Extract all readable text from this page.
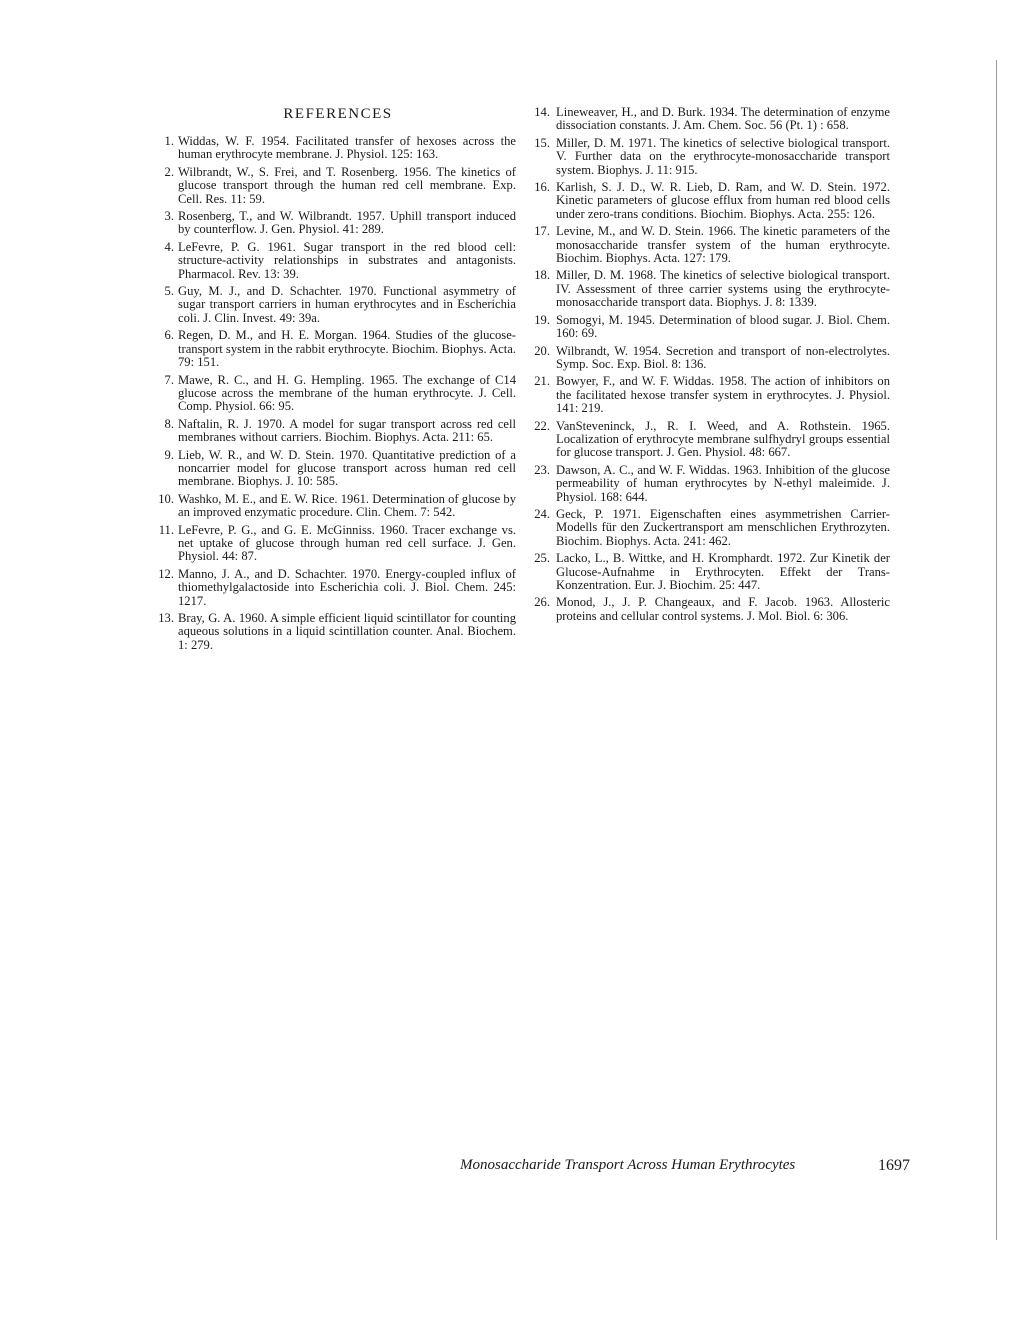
REFERENCES
1. Widdas, W. F. 1954. Facilitated transfer of hexoses across the human erythrocyte membrane. J. Physiol. 125: 163.
2. Wilbrandt, W., S. Frei, and T. Rosenberg. 1956. The kinetics of glucose transport through the human red cell membrane. Exp. Cell. Res. 11: 59.
3. Rosenberg, T., and W. Wilbrandt. 1957. Uphill transport induced by counterflow. J. Gen. Physiol. 41: 289.
4. LeFevre, P. G. 1961. Sugar transport in the red blood cell: structure-activity relationships in substrates and antagonists. Pharmacol. Rev. 13: 39.
5. Guy, M. J., and D. Schachter. 1970. Functional asymmetry of sugar transport carriers in human erythrocytes and in Escherichia coli. J. Clin. Invest. 49: 39a.
6. Regen, D. M., and H. E. Morgan. 1964. Studies of the glucose-transport system in the rabbit erythrocyte. Biochim. Biophys. Acta. 79: 151.
7. Mawe, R. C., and H. G. Hempling. 1965. The exchange of C14 glucose across the membrane of the human erythrocyte. J. Cell. Comp. Physiol. 66: 95.
8. Naftalin, R. J. 1970. A model for sugar transport across red cell membranes without carriers. Biochim. Biophys. Acta. 211: 65.
9. Lieb, W. R., and W. D. Stein. 1970. Quantitative prediction of a noncarrier model for glucose transport across human red cell membrane. Biophys. J. 10: 585.
10. Washko, M. E., and E. W. Rice. 1961. Determination of glucose by an improved enzymatic procedure. Clin. Chem. 7: 542.
11. LeFevre, P. G., and G. E. McGinniss. 1960. Tracer exchange vs. net uptake of glucose through human red cell surface. J. Gen. Physiol. 44: 87.
12. Manno, J. A., and D. Schachter. 1970. Energy-coupled influx of thiomethylgalactoside into Escherichia coli. J. Biol. Chem. 245: 1217.
13. Bray, G. A. 1960. A simple efficient liquid scintillator for counting aqueous solutions in a liquid scintillation counter. Anal. Biochem. 1: 279.
14. Lineweaver, H., and D. Burk. 1934. The determination of enzyme dissociation constants. J. Am. Chem. Soc. 56 (Pt. 1) : 658.
15. Miller, D. M. 1971. The kinetics of selective biological transport. V. Further data on the erythrocyte-monosaccharide transport system. Biophys. J. 11: 915.
16. Karlish, S. J. D., W. R. Lieb, D. Ram, and W. D. Stein. 1972. Kinetic parameters of glucose efflux from human red blood cells under zero-trans conditions. Biochim. Biophys. Acta. 255: 126.
17. Levine, M., and W. D. Stein. 1966. The kinetic parameters of the monosaccharide transfer system of the human erythrocyte. Biochim. Biophys. Acta. 127: 179.
18. Miller, D. M. 1968. The kinetics of selective biological transport. IV. Assessment of three carrier systems using the erythrocyte-monosaccharide transport data. Biophys. J. 8: 1339.
19. Somogyi, M. 1945. Determination of blood sugar. J. Biol. Chem. 160: 69.
20. Wilbrandt, W. 1954. Secretion and transport of non-electrolytes. Symp. Soc. Exp. Biol. 8: 136.
21. Bowyer, F., and W. F. Widdas. 1958. The action of inhibitors on the facilitated hexose transfer system in erythrocytes. J. Physiol. 141: 219.
22. VanSteveninck, J., R. I. Weed, and A. Rothstein. 1965. Localization of erythrocyte membrane sulfhydryl groups essential for glucose transport. J. Gen. Physiol. 48: 667.
23. Dawson, A. C., and W. F. Widdas. 1963. Inhibition of the glucose permeability of human erythrocytes by N-ethyl maleimide. J. Physiol. 168: 644.
24. Geck, P. 1971. Eigenschaften eines asymmetrishen Carrier-Modells für den Zuckertransport am menschlichen Erythrozyten. Biochim. Biophys. Acta. 241: 462.
25. Lacko, L., B. Wittke, and H. Kromphardt. 1972. Zur Kinetik der Glucose-Aufnahme in Erythrocyten. Effekt der Trans-Konzentration. Eur. J. Biochim. 25: 447.
26. Monod, J., J. P. Changeaux, and F. Jacob. 1963. Allosteric proteins and cellular control systems. J. Mol. Biol. 6: 306.
Monosaccharide Transport Across Human Erythrocytes	1697
